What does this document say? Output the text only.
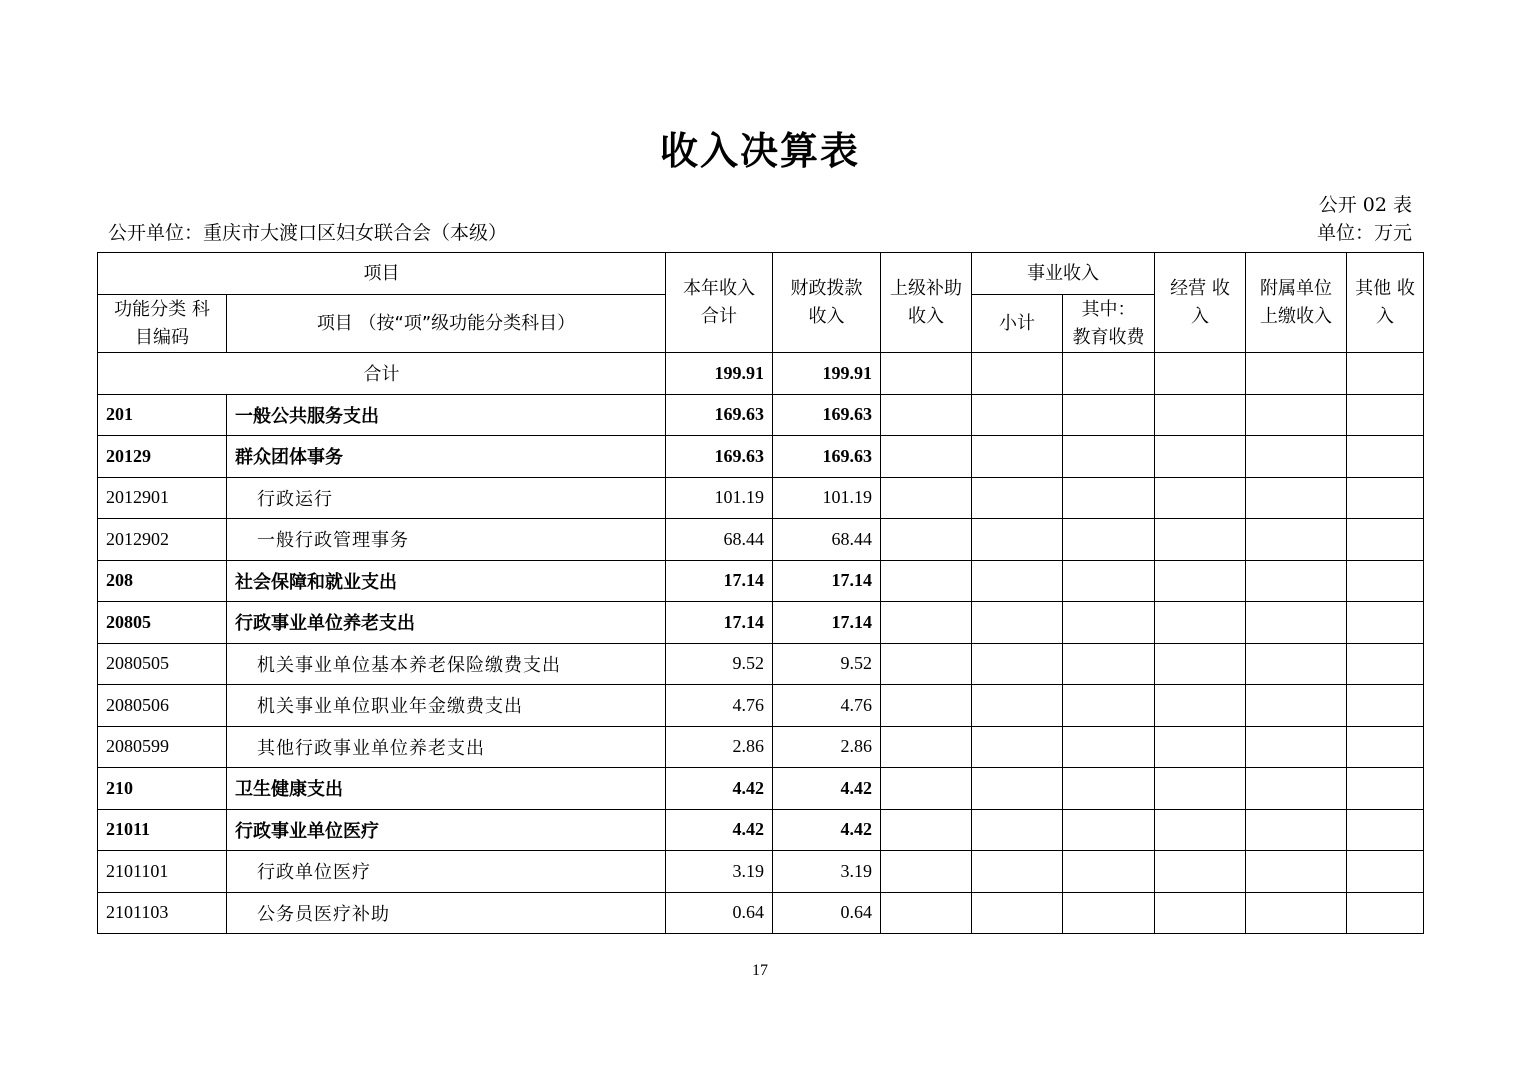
收入决算表
公开 02 表
公开单位：重庆市大渡口区妇女联合会（本级）	单位：万元
项目		本年收入 合计	财政拨款 收入	上级补助 收入	事业收入		经营 收入	附属单位 上缴收入	其他 收入
功能分类 科目编码	项目 （按“项”级功能分类科目）				小计	其中： 教育收费			
合计		199.91	199.91						
201	一般公共服务支出	169.63	169.63						
20129	群众团体事务	169.63	169.63						
2012901	行政运行	101.19	101.19						
2012902	一般行政管理事务	68.44	68.44						
208	社会保障和就业支出	17.14	17.14						
20805	行政事业单位养老支出	17.14	17.14						
2080505	机关事业单位基本养老保险缴费支出	9.52	9.52						
2080506	机关事业单位职业年金缴费支出	4.76	4.76						
2080599	其他行政事业单位养老支出	2.86	2.86						
210	卫生健康支出	4.42	4.42						
21011	行政事业单位医疗	4.42	4.42						
2101101	行政单位医疗	3.19	3.19						
2101103	公务员医疗补助	0.64	0.64						
17
